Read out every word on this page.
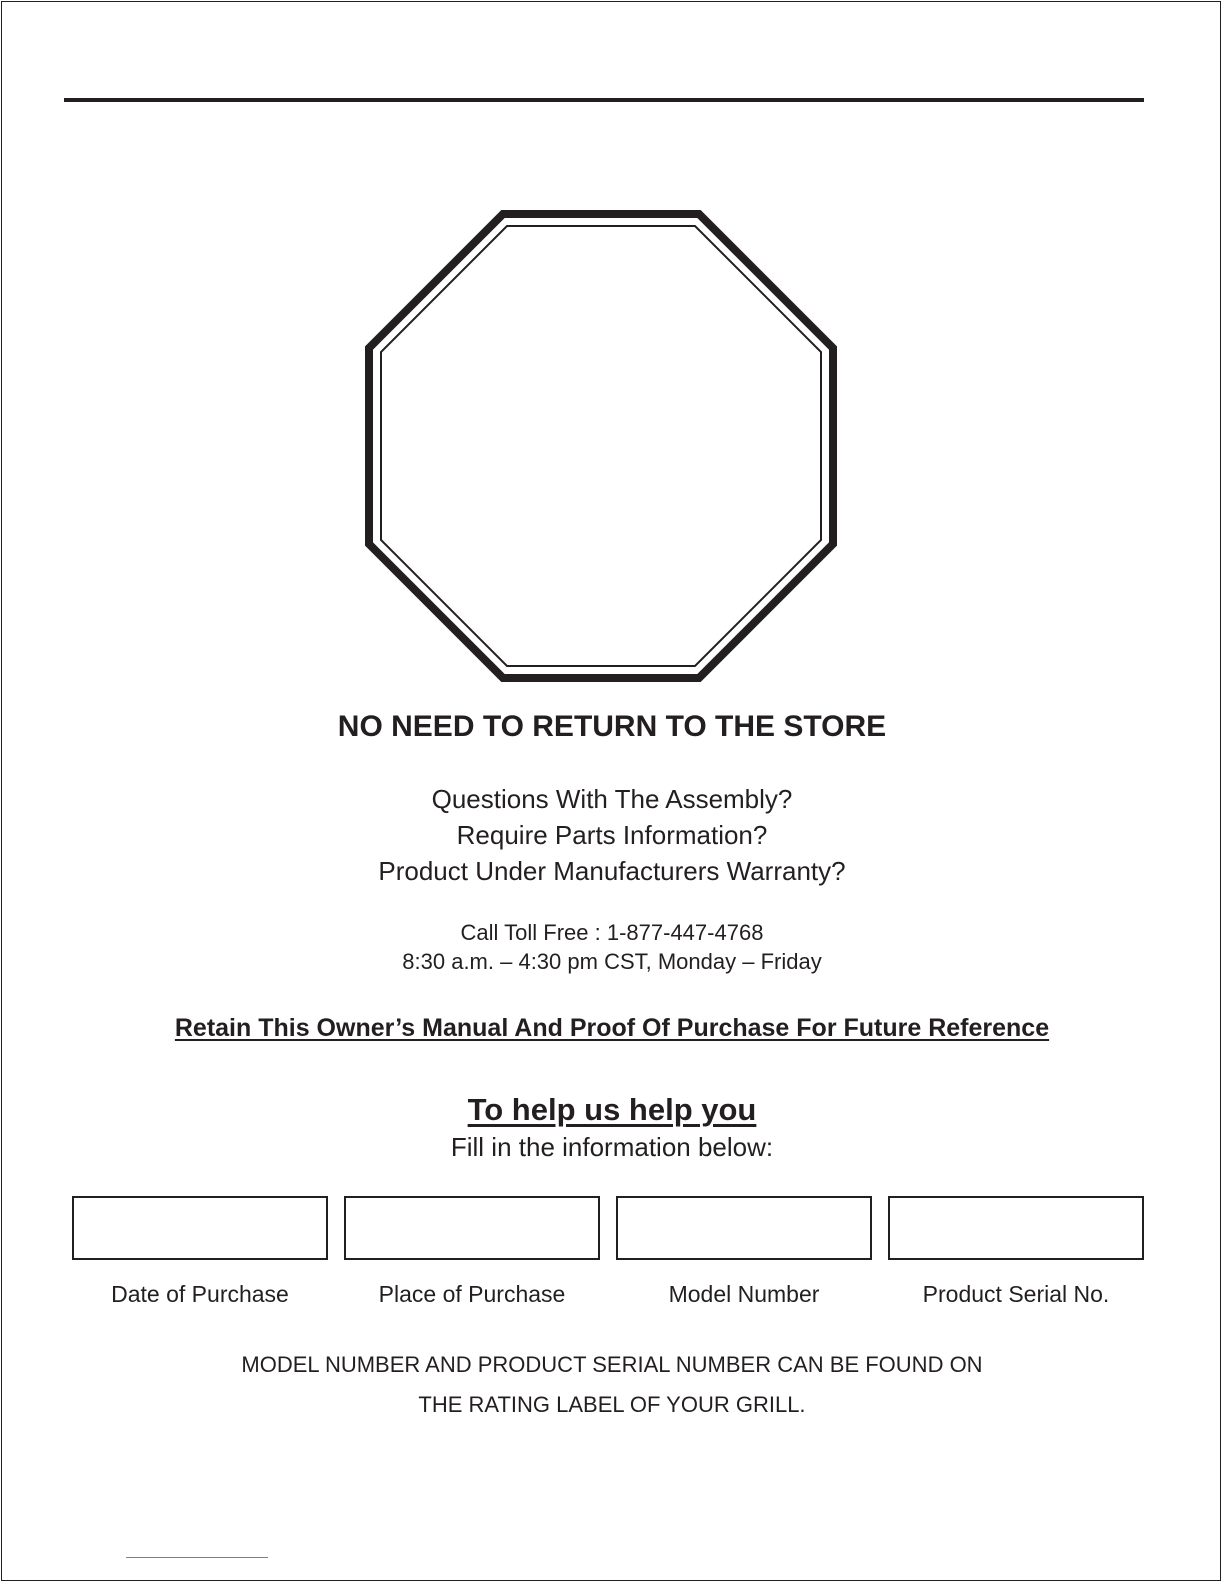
NO NEED TO RETURN TO THE STORE
Questions With The Assembly?
Require Parts Information?
Product Under Manufacturers Warranty?
Call Toll Free : 1-877-447-4768
8:30 a.m. – 4:30 pm CST, Monday – Friday
Retain This Owner’s Manual And Proof Of Purchase For Future Reference
To help us help you
Fill in the information below:
Date of Purchase	Place of Purchase	Model Number	Product Serial No.
MODEL NUMBER AND PRODUCT SERIAL NUMBER CAN BE FOUND ON
THE RATING LABEL OF YOUR GRILL.
